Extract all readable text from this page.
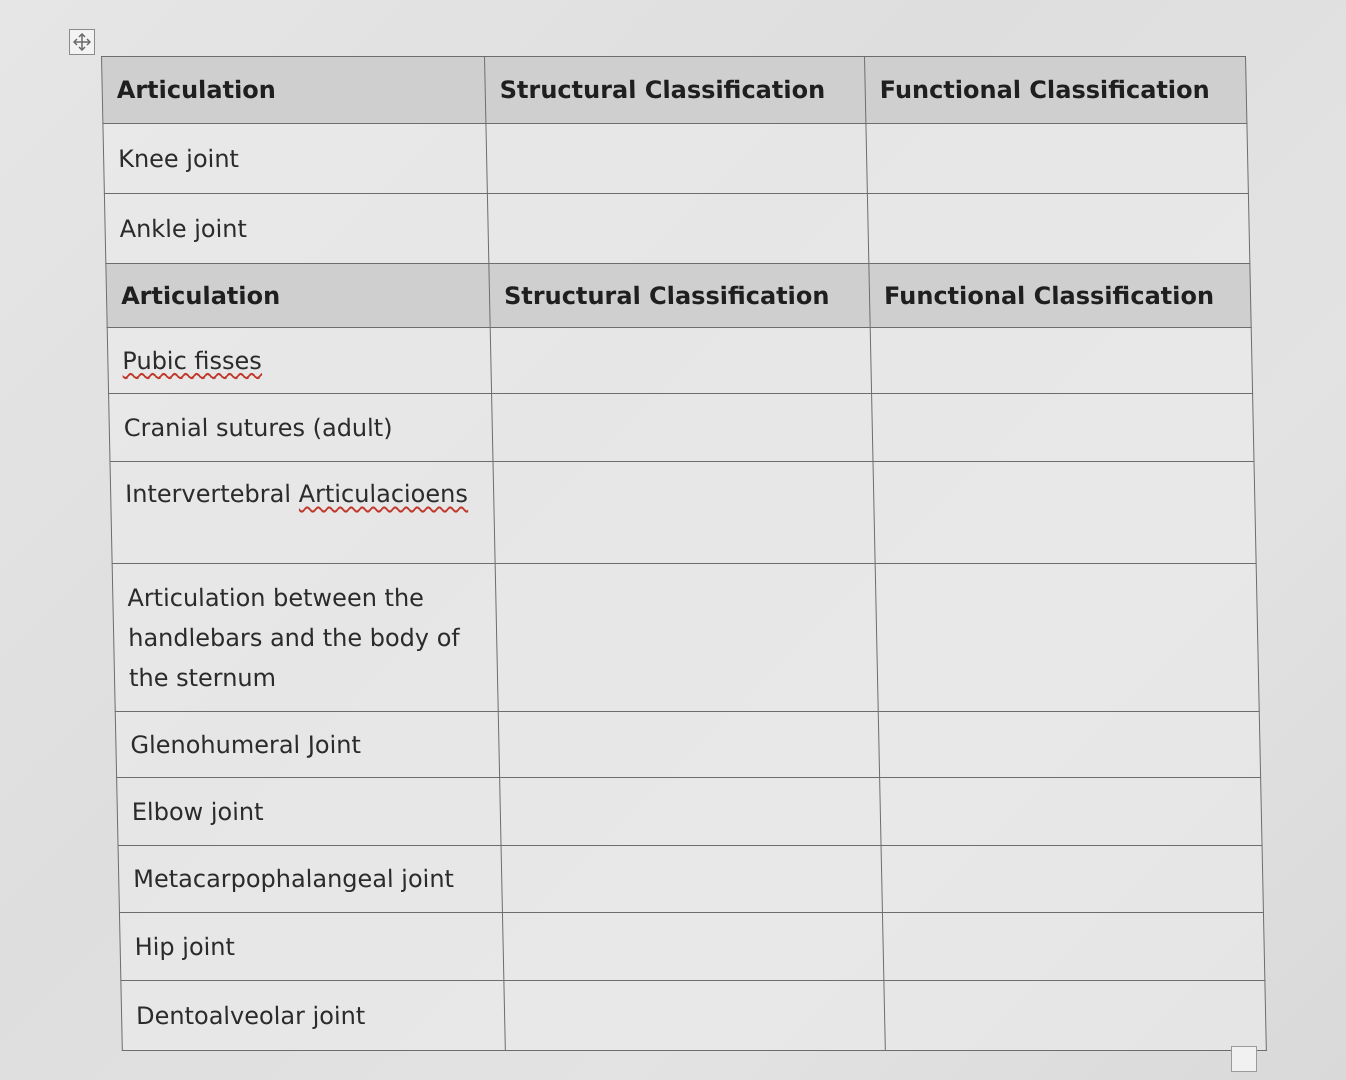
Articulation	Structural Classification	Functional Classification
Knee joint		
Ankle joint		
Articulation	Structural Classification	Functional Classification
Pubic fisses		
Cranial sutures (adult)		
Intervertebral Articulacioens		
Articulation between the handlebars and the body of the sternum		
Glenohumeral Joint		
Elbow joint		
Metacarpophalangeal joint		
Hip joint		
Dentoalveolar joint		
